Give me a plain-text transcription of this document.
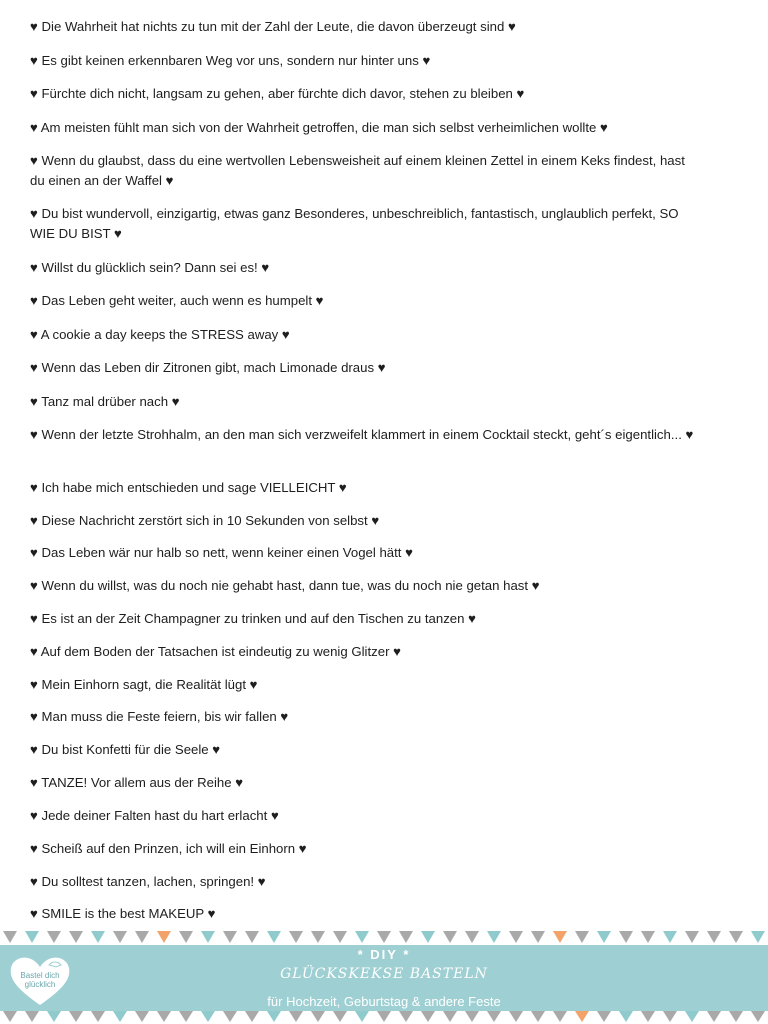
♥ Die Wahrheit hat nichts zu tun mit der Zahl der Leute, die davon überzeugt sind ♥

♥ Es gibt keinen erkennbaren Weg vor uns, sondern nur hinter uns ♥

♥ Fürchte dich nicht, langsam zu gehen, aber fürchte dich davor, stehen zu bleiben ♥

♥ Am meisten fühlt man sich von der Wahrheit getroffen, die man sich selbst verheimlichen wollte ♥

♥ Wenn du glaubst, dass du eine wertvollen Lebensweisheit auf einem kleinen Zettel in einem Keks findest, hast du einen an der Waffel ♥

♥ Du bist wundervoll, einzigartig, etwas ganz Besonderes, unbeschreiblich, fantastisch, unglaublich perfekt, SO WIE DU BIST ♥

♥ Willst du glücklich sein? Dann sei es! ♥

♥ Das Leben geht weiter, auch wenn es humpelt ♥

♥ A cookie a day keeps the STRESS away ♥

♥ Wenn das Leben dir Zitronen gibt, mach Limonade draus ♥

♥ Tanz mal drüber nach ♥

♥ Wenn der letzte Strohhalm, an den man sich verzweifelt klammert in einem Cocktail steckt, geht´s eigentlich... ♥

♥ Ich habe mich entschieden und sage VIELLEICHT ♥

♥ Diese Nachricht zerstört sich in 10 Sekunden von selbst ♥

♥ Das Leben wär nur halb so nett, wenn keiner einen Vogel hätt ♥

♥ Wenn du willst, was du noch nie gehabt hast, dann tue, was du noch nie getan hast ♥

♥ Es ist an der Zeit Champagner zu trinken und auf den Tischen zu tanzen ♥

♥ Auf dem Boden der Tatsachen ist eindeutig zu wenig Glitzer ♥

♥ Mein Einhorn sagt, die Realität lügt ♥

♥ Man muss die Feste feiern, bis wir fallen ♥

♥ Du bist Konfetti für die Seele ♥

♥ TANZE! Vor allem aus der Reihe ♥

♥ Jede deiner Falten hast du hart erlacht ♥

♥ Scheiß auf den Prinzen, ich will ein Einhorn ♥

♥ Du solltest tanzen, lachen, springen! ♥

♥ SMILE is the best MAKEUP ♥

* DIY *
GLÜCKSKEKSE BASTELN
für Hochzeit, Geburtstag & andere Feste
Bastel dich
glücklich
